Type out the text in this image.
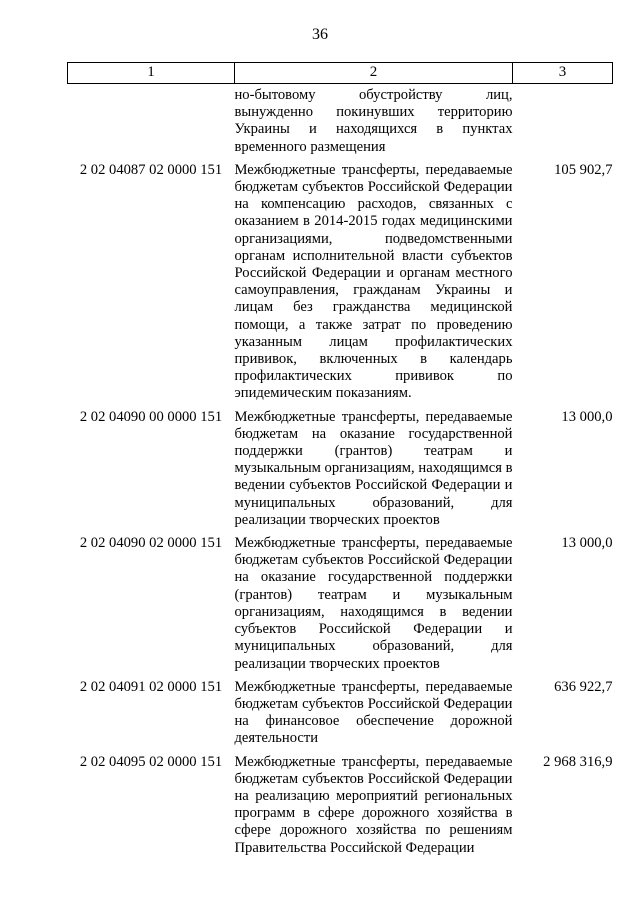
36
1	2	3
	но-бытовому обустройству лиц, вынужденно покинувших территорию Украины и находящихся в пунктах временного размещения	
2 02 04087 02 0000 151	Межбюджетные трансферты, передаваемые бюджетам субъектов Российской Федерации на компенсацию расходов, связанных с оказанием в 2014-2015 годах медицинскими организациями, подведомственными органам исполнительной власти субъектов Российской Федерации и органам местного самоуправления, гражданам Украины и лицам без гражданства медицинской помощи, а также затрат по проведению указанным лицам профилактических прививок, включенных в календарь профилактических прививок по эпидемическим показаниям.	105 902,7
2 02 04090 00 0000 151	Межбюджетные трансферты, передаваемые бюджетам на оказание государственной поддержки (грантов) театрам и музыкальным организациям, находящимся в ведении субъектов Российской Федерации и муниципальных образований, для реализации творческих проектов	13 000,0
2 02 04090 02 0000 151	Межбюджетные трансферты, передаваемые бюджетам субъектов Российской Федерации на оказание государственной поддержки (грантов) театрам и музыкальным организациям, находящимся в ведении субъектов Российской Федерации и муниципальных образований, для реализации творческих проектов	13 000,0
2 02 04091 02 0000 151	Межбюджетные трансферты, передаваемые бюджетам субъектов Российской Федерации на финансовое обеспечение дорожной деятельности	636 922,7
2 02 04095 02 0000 151	Межбюджетные трансферты, передаваемые бюджетам субъектов Российской Федерации на реализацию мероприятий региональных программ в сфере дорожного хозяйства в сфере дорожного хозяйства по решениям Правительства Российской Федерации	2 968 316,9
